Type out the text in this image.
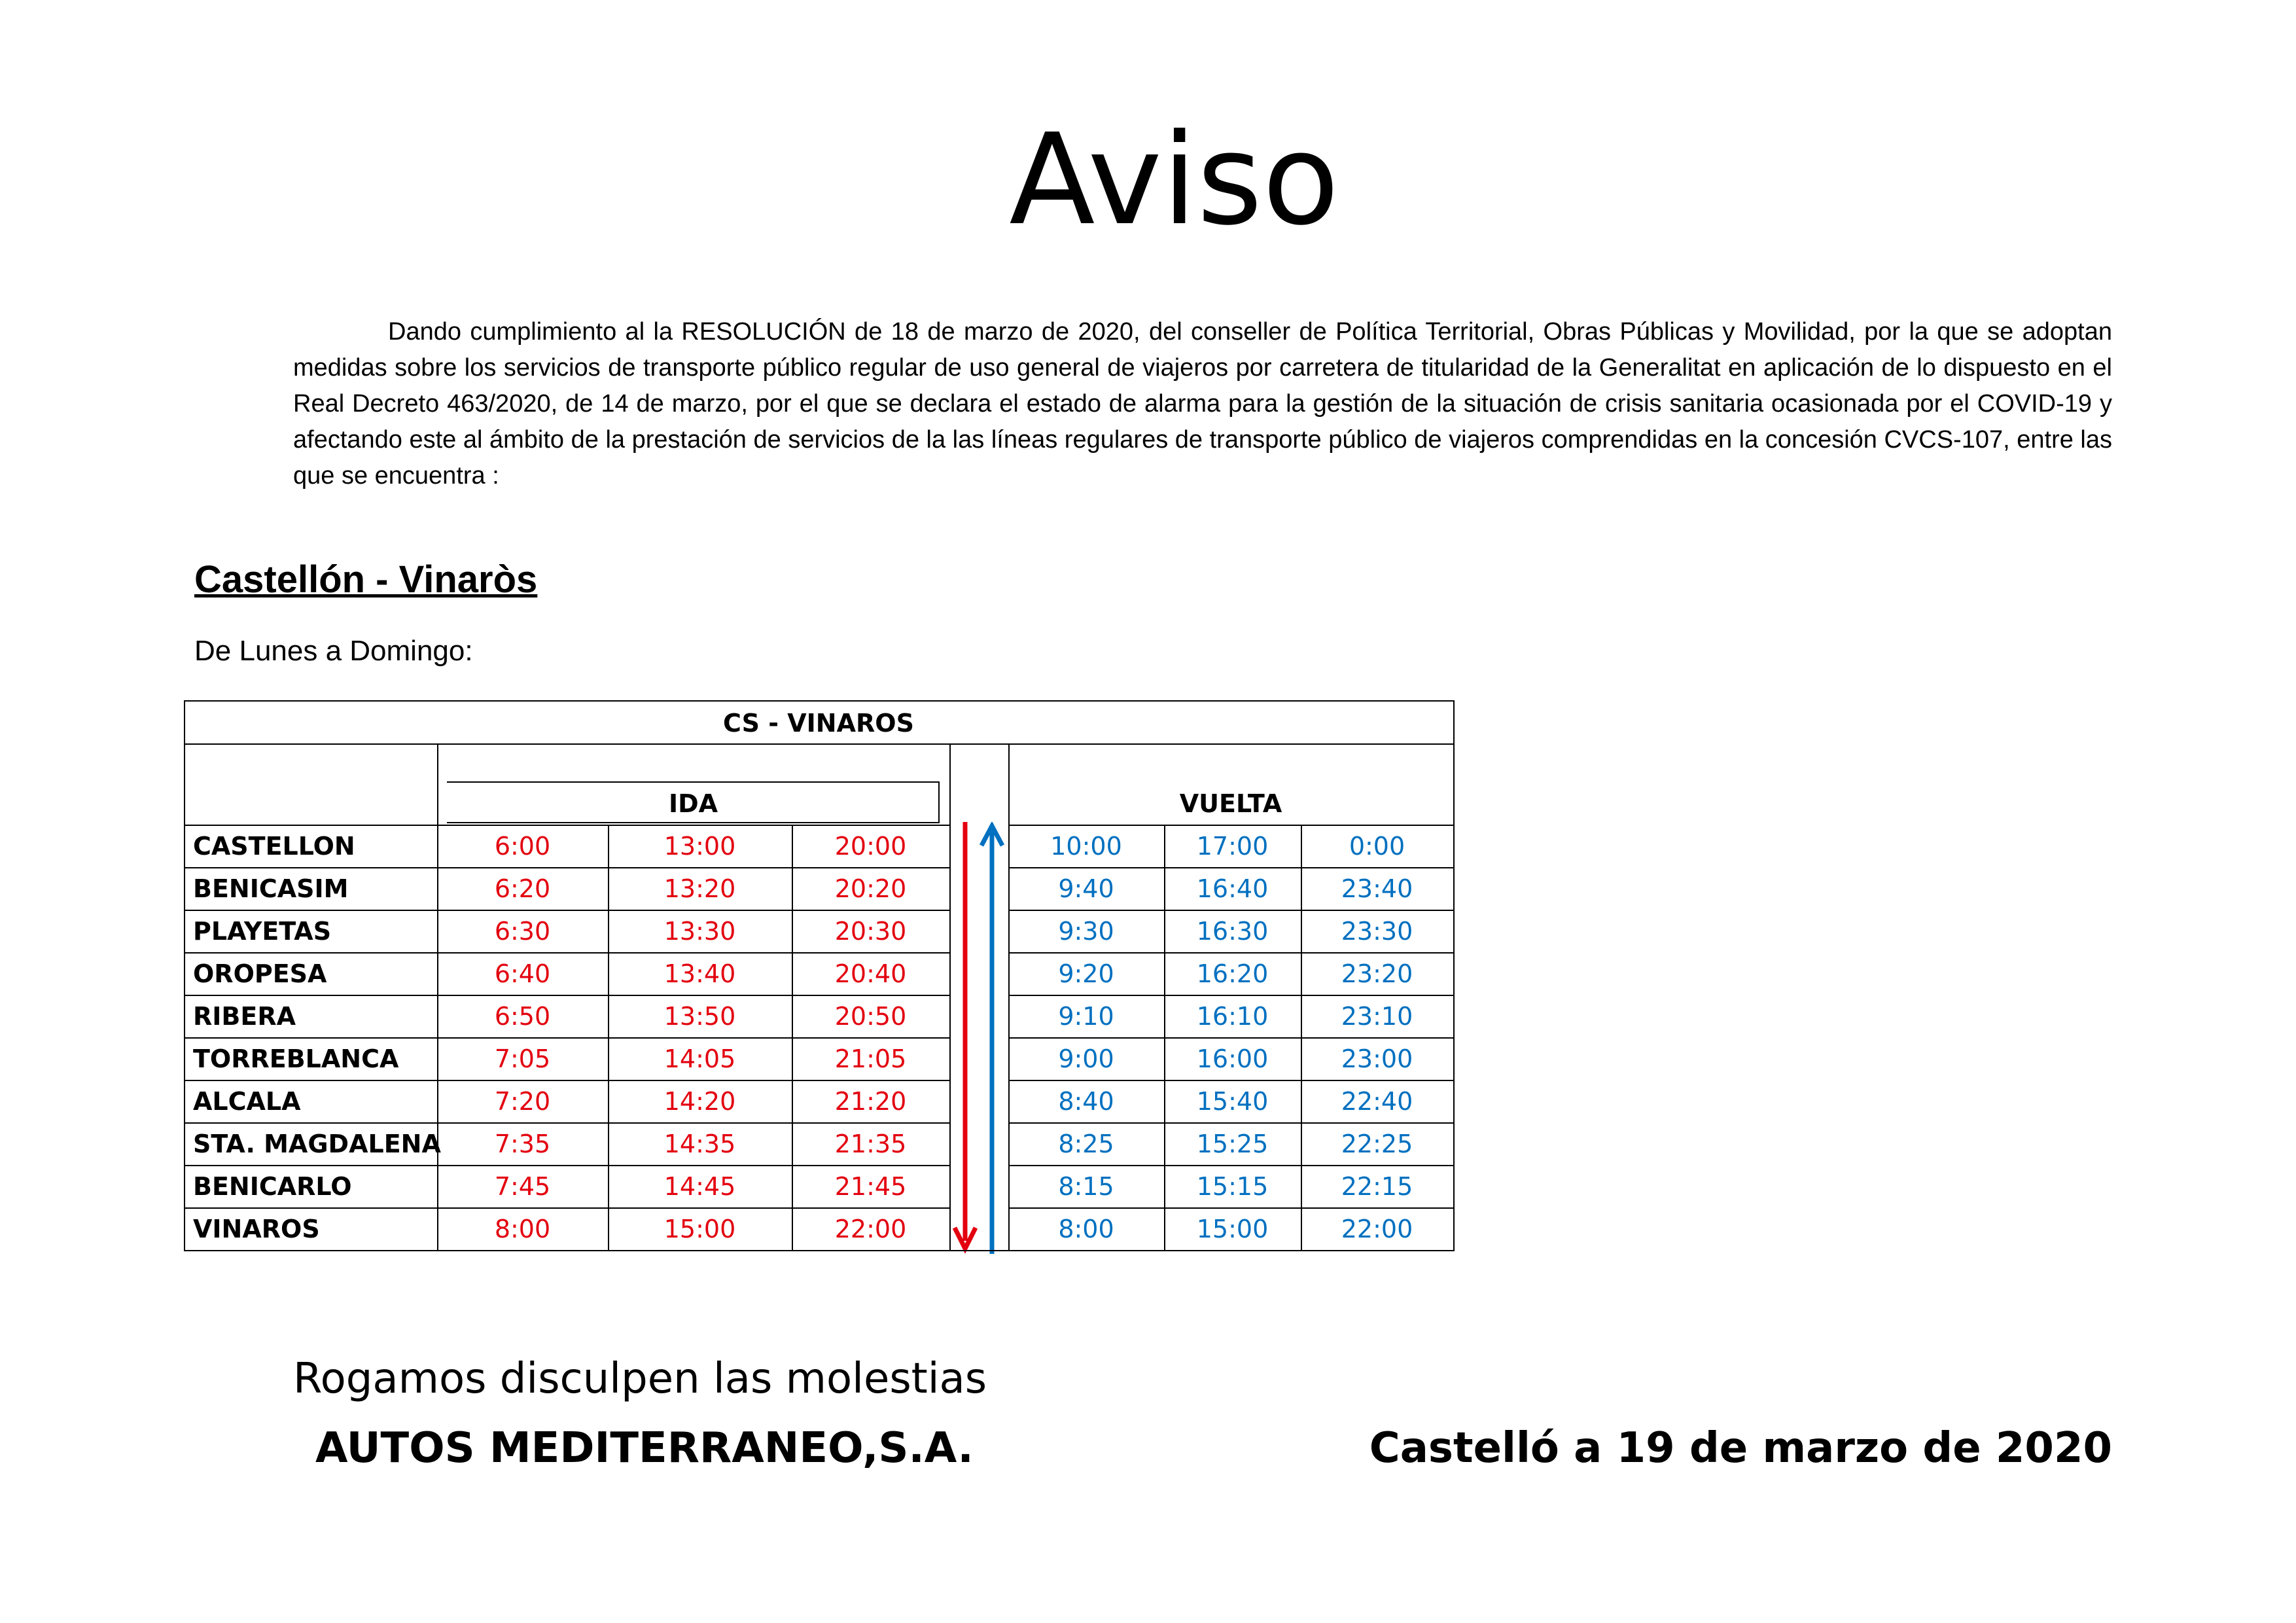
Aviso
Dando cumplimiento al la RESOLUCIÓN de 18 de marzo de 2020, del conseller de Política Territorial, Obras Públicas y Movilidad, por la que se adoptan medidas sobre los servicios de transporte público regular de uso general de viajeros por carretera de titularidad de la Generalitat en aplicación de lo dispuesto en el Real Decreto 463/2020, de 14 de marzo, por el que se declara el estado de alarma para la gestión de la situación de crisis sanitaria ocasionada por el COVID-19 y afectando este al ámbito de la prestación de servicios de la las líneas regulares de transporte público de viajeros comprendidas en la concesión CVCS-107, entre las que se encuentra :
Castellón - Vinaròs
De Lunes a Domingo:
CS - VINAROS
IDA	VUELTA
CASTELLON	6:00	13:00	20:00	10:00	17:00	0:00
BENICASIM	6:20	13:20	20:20	9:40	16:40	23:40
PLAYETAS	6:30	13:30	20:30	9:30	16:30	23:30
OROPESA	6:40	13:40	20:40	9:20	16:20	23:20
RIBERA	6:50	13:50	20:50	9:10	16:10	23:10
TORREBLANCA	7:05	14:05	21:05	9:00	16:00	23:00
ALCALA	7:20	14:20	21:20	8:40	15:40	22:40
STA. MAGDALENA	7:35	14:35	21:35	8:25	15:25	22:25
BENICARLO	7:45	14:45	21:45	8:15	15:15	22:15
VINAROS	8:00	15:00	22:00	8:00	15:00	22:00
Rogamos disculpen las molestias
AUTOS MEDITERRANEO,S.A.	Castelló a 19 de marzo de 2020
